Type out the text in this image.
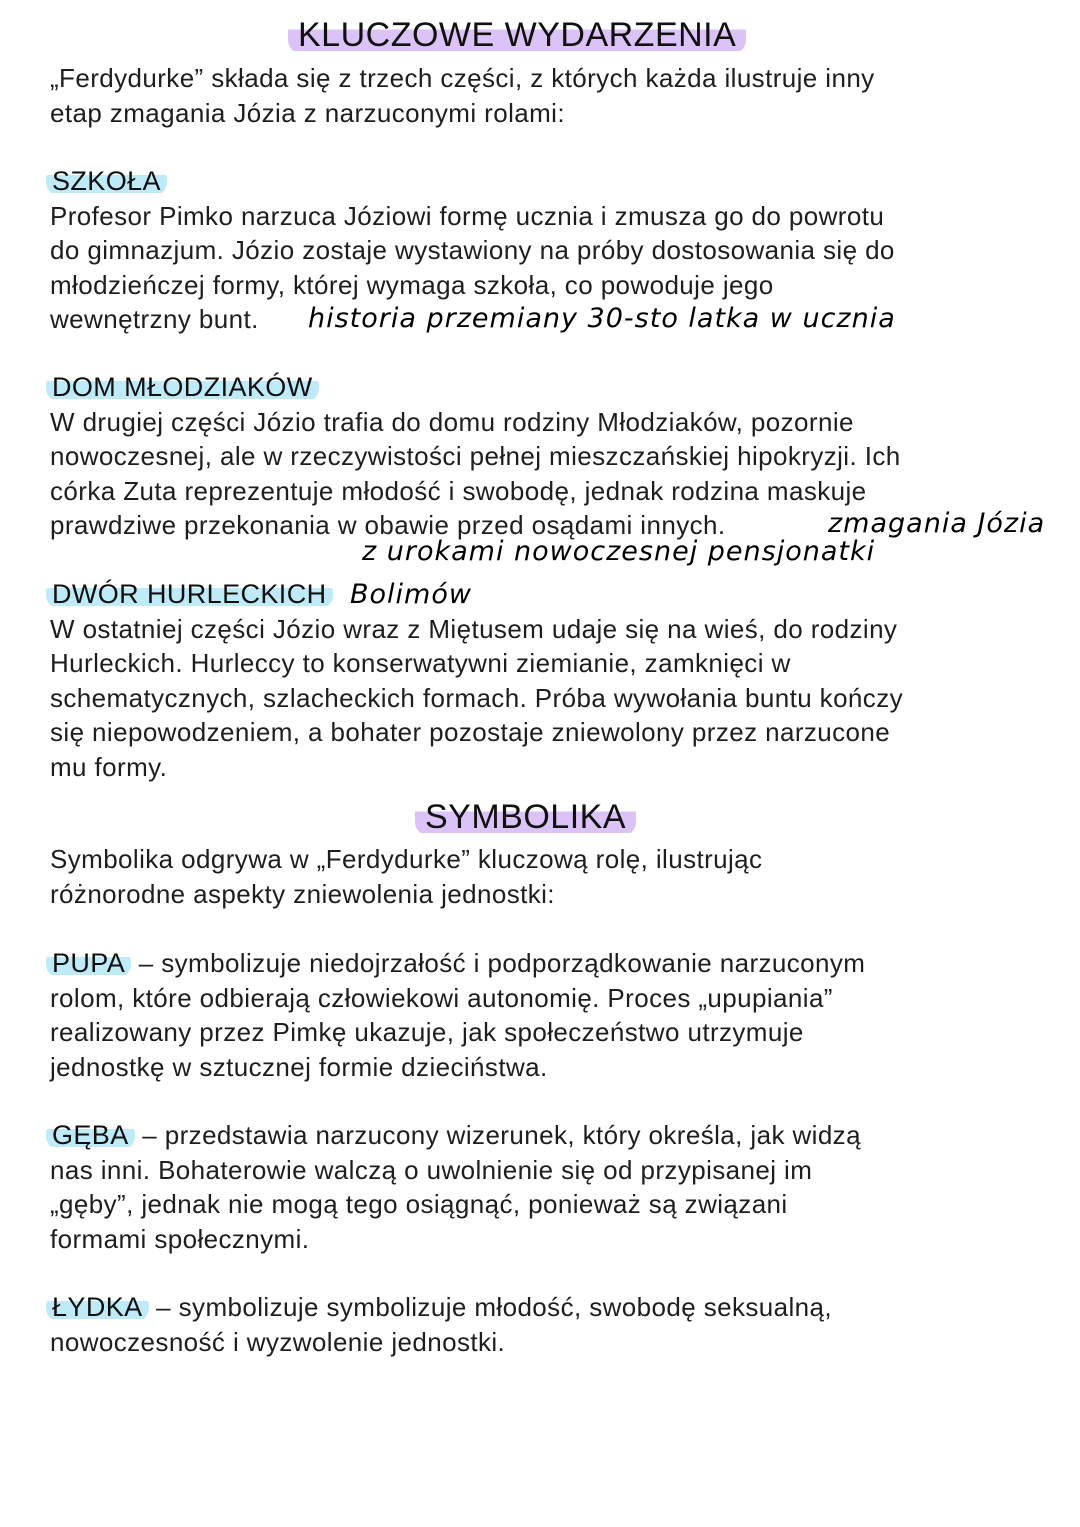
KLUCZOWE WYDARZENIA
SYMBOLIKA
„Ferdydurke” składa się z trzech części, z których każda ilustruje inny
etap zmagania Józia z narzuconymi rolami:
SZKOŁA
Profesor Pimko narzuca Józiowi formę ucznia i zmusza go do powrotu
do gimnazjum. Józio zostaje wystawiony na próby dostosowania się do
młodzieńczej formy, której wymaga szkoła, co powoduje jego
wewnętrzny bunt.
DOM MŁODZIAKÓW
W drugiej części Józio trafia do domu rodziny Młodziaków, pozornie
nowoczesnej, ale w rzeczywistości pełnej mieszczańskiej hipokryzji. Ich
córka Zuta reprezentuje młodość i swobodę, jednak rodzina maskuje
prawdziwe przekonania w obawie przed osądami innych.
DWÓR HURLECKICH
W ostatniej części Józio wraz z Miętusem udaje się na wieś, do rodziny
Hurleckich. Hurleccy to konserwatywni ziemianie, zamknięci w
schematycznych, szlacheckich formach. Próba wywołania buntu kończy
się niepowodzeniem, a bohater pozostaje zniewolony przez narzucone
mu formy.
Symbolika odgrywa w „Ferdydurke” kluczową rolę, ilustrując
różnorodne aspekty zniewolenia jednostki:
PUPA – symbolizuje niedojrzałość i podporządkowanie narzuconym
rolom, które odbierają człowiekowi autonomię. Proces „upupiania”
realizowany przez Pimkę ukazuje, jak społeczeństwo utrzymuje
jednostkę w sztucznej formie dzieciństwa.
GĘBA – przedstawia narzucony wizerunek, który określa, jak widzą
nas inni. Bohaterowie walczą o uwolnienie się od przypisanej im
„gęby”, jednak nie mogą tego osiągnąć, ponieważ są związani
formami społecznymi.
ŁYDKA – symbolizuje symbolizuje młodość, swobodę seksualną,
nowoczesność i wyzwolenie jednostki.
historia przemiany 30-sto latka w ucznia
zmagania Józia
z urokami nowoczesnej pensjonatki
Bolimów
